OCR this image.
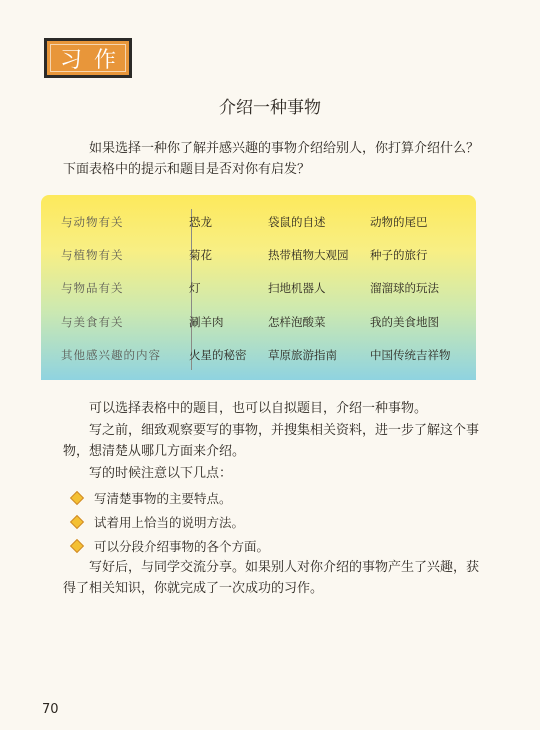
习作
介绍一种事物

如果选择一种你了解并感兴趣的事物介绍给别人，你打算介绍什么？下面表格中的提示和题目是否对你有启发？

与动物有关	恐龙	袋鼠的自述	动物的尾巴
与植物有关	菊花	热带植物大观园	种子的旅行
与物品有关	灯	扫地机器人	溜溜球的玩法
与美食有关	涮羊肉	怎样泡酸菜	我的美食地图
其他感兴趣的内容	火星的秘密	草原旅游指南	中国传统吉祥物

可以选择表格中的题目，也可以自拟题目，介绍一种事物。

写之前，细致观察要写的事物，并搜集相关资料，进一步了解这个事物，想清楚从哪几方面来介绍。

写的时候注意以下几点：

写清楚事物的主要特点。
试着用上恰当的说明方法。
可以分段介绍事物的各个方面。

写好后，与同学交流分享。如果别人对你介绍的事物产生了兴趣，获得了相关知识，你就完成了一次成功的习作。

70
